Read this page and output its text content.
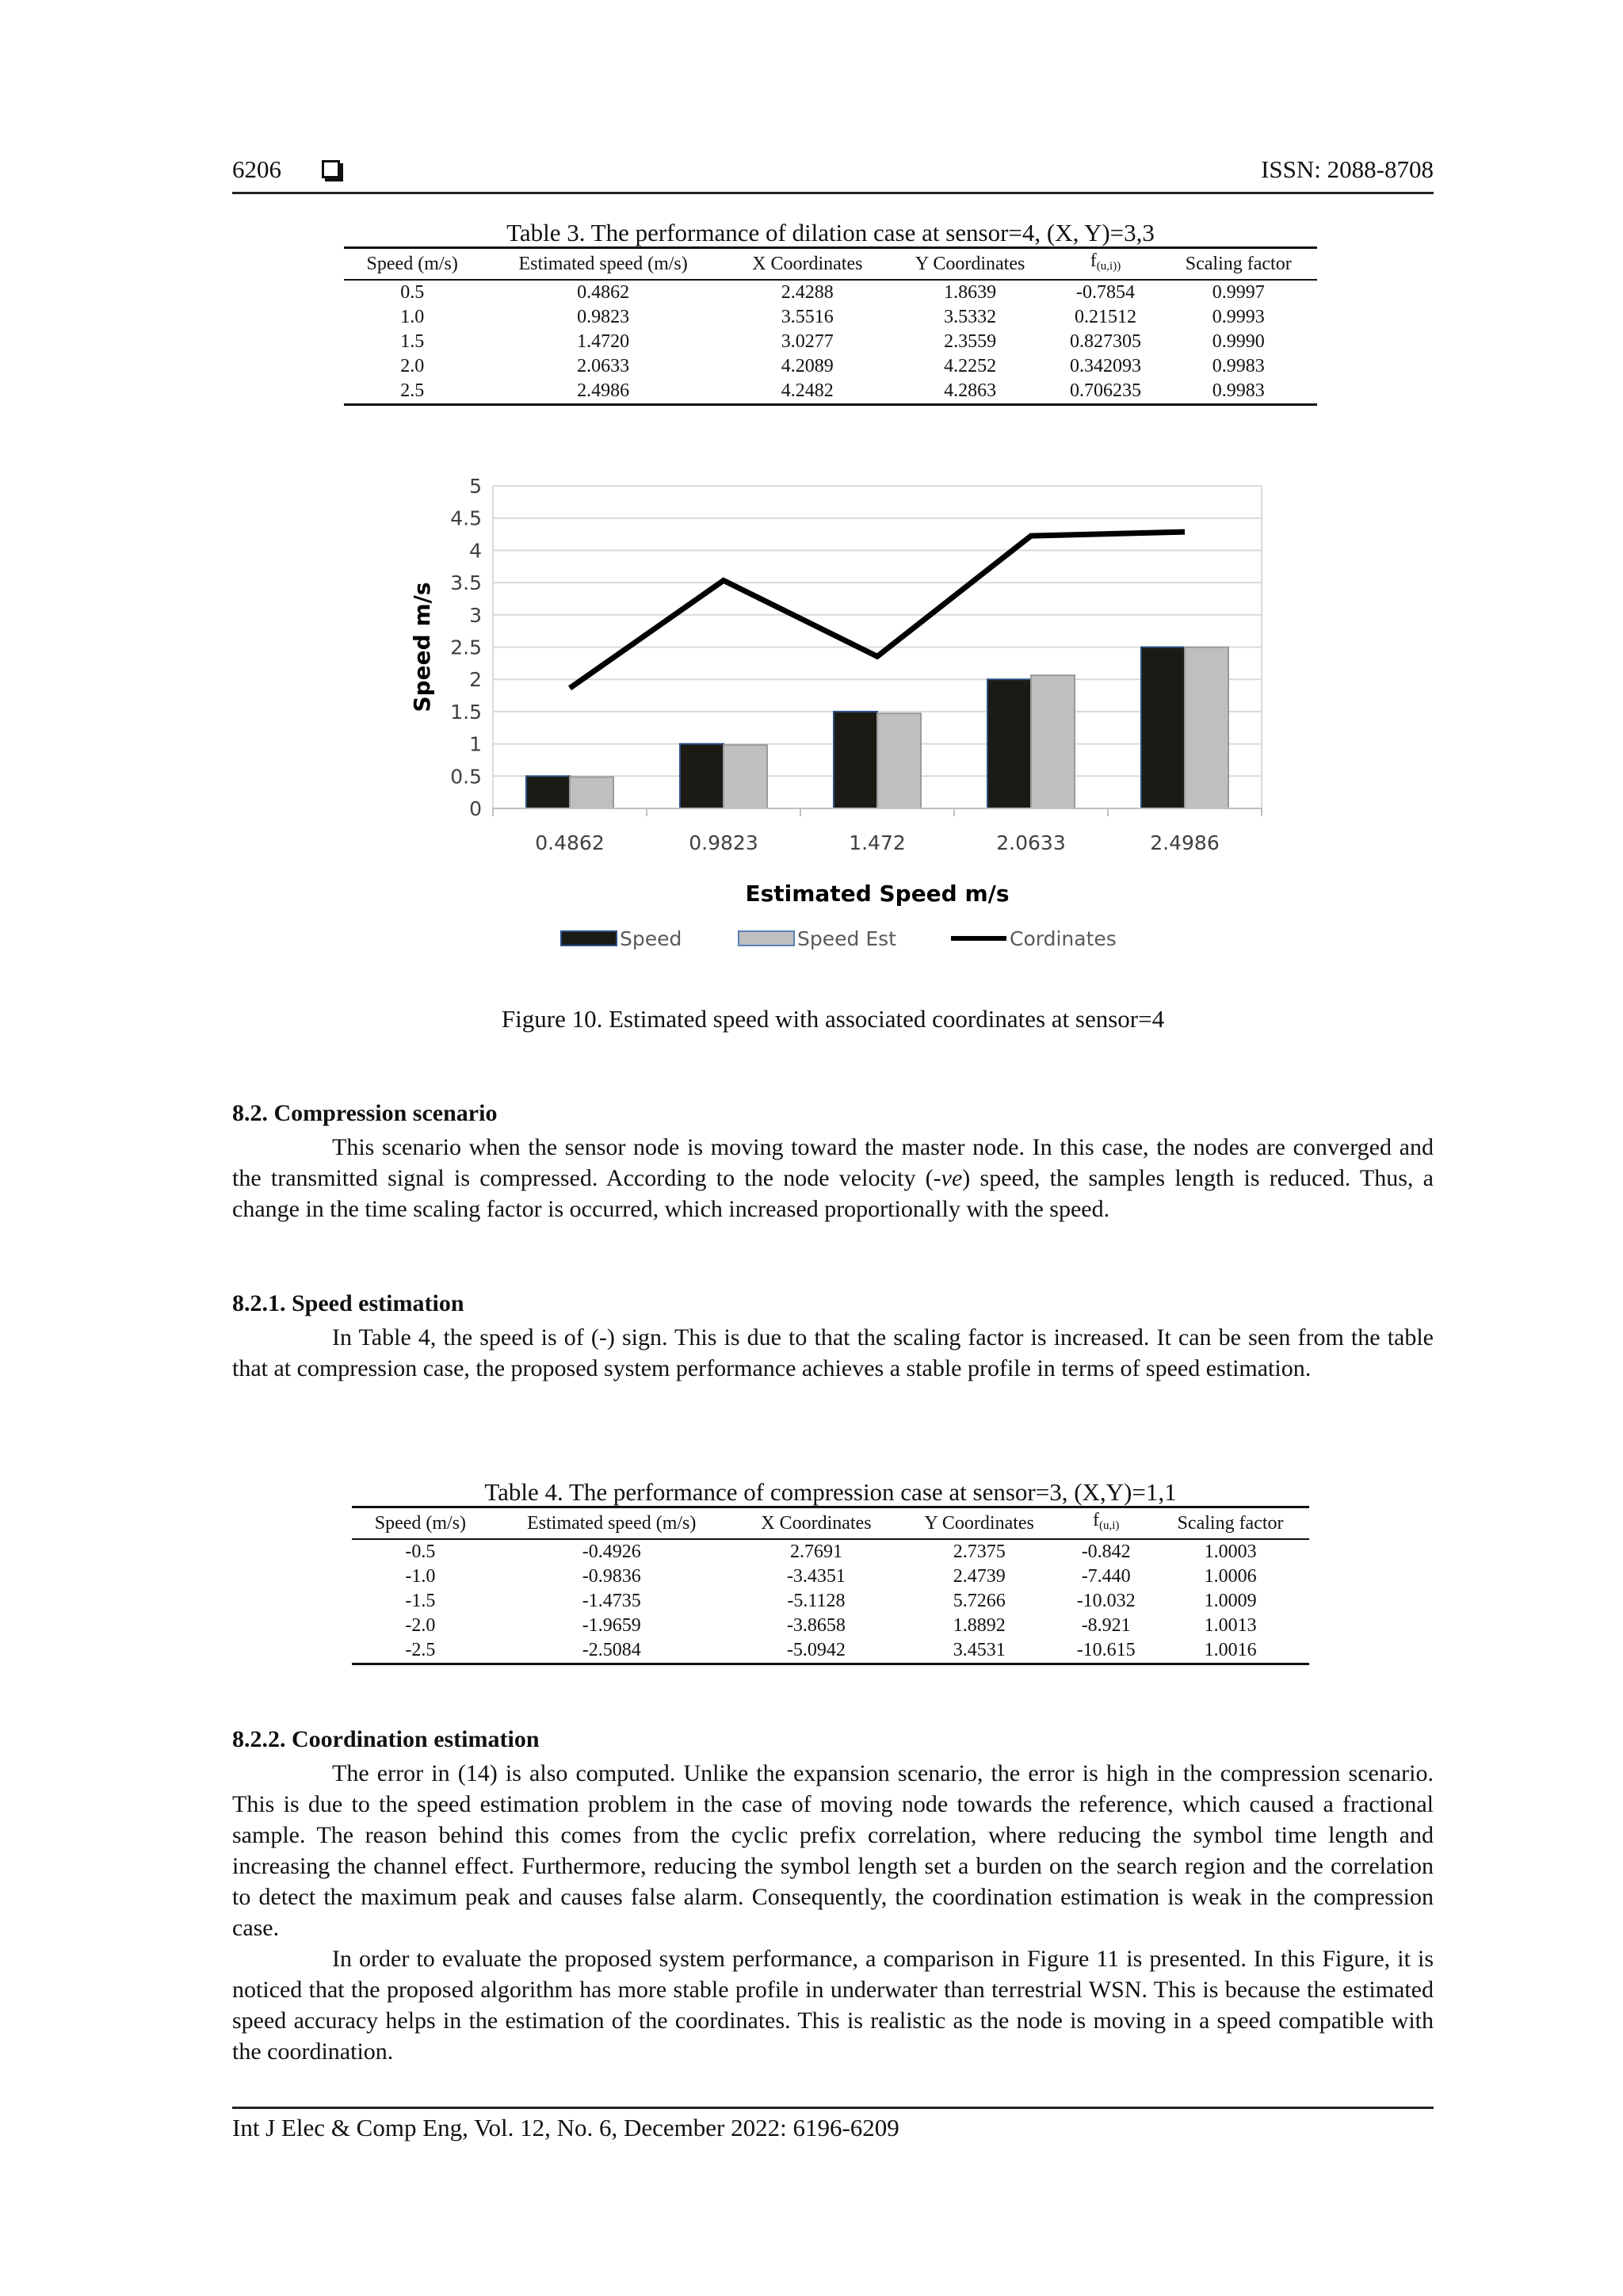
6206	ISSN: 2088-8708
Table 3. The performance of dilation case at sensor=4, (X, Y)=3,3
Speed (m/s)	Estimated speed (m/s)	X Coordinates	Y Coordinates	f(u,i))	Scaling factor
0.5	0.4862	2.4288	1.8639	-0.7854	0.9997
1.0	0.9823	3.5516	3.5332	0.21512	0.9993
1.5	1.4720	3.0277	2.3559	0.827305	0.9990
2.0	2.0633	4.2089	4.2252	0.342093	0.9983
2.5	2.4986	4.2482	4.2863	0.706235	0.9983
0
0.5
1
1.5
2
2.5
3
3.5
4
4.5
5
0.4862	0.9823	1.472	2.0633	2.4986
Estimated Speed m/s
Speed m/s
Speed	Speed Est	Cordinates
Figure 10. Estimated speed with associated coordinates at sensor=4
8.2. Compression scenario

This scenario when the sensor node is moving toward the master node. In this case, the nodes are converged and the transmitted signal is compressed. According to the node velocity (-ve) speed, the samples length is reduced. Thus, a change in the time scaling factor is occurred, which increased proportionally with the speed.

8.2.1. Speed estimation

In Table 4, the speed is of (-) sign. This is due to that the scaling factor is increased. It can be seen from the table that at compression case, the proposed system performance achieves a stable profile in terms of speed estimation.

Table 4. The performance of compression case at sensor=3, (X,Y)=1,1
Speed (m/s)	Estimated speed (m/s)	X Coordinates	Y Coordinates	f(u,i)	Scaling factor
-0.5	-0.4926	2.7691	2.7375	-0.842	1.0003
-1.0	-0.9836	-3.4351	2.4739	-7.440	1.0006
-1.5	-1.4735	-5.1128	5.7266	-10.032	1.0009
-2.0	-1.9659	-3.8658	1.8892	-8.921	1.0013
-2.5	-2.5084	-5.0942	3.4531	-10.615	1.0016
8.2.2. Coordination estimation

The error in (14) is also computed. Unlike the expansion scenario, the error is high in the compression scenario. This is due to the speed estimation problem in the case of moving node towards the reference, which caused a fractional sample. The reason behind this comes from the cyclic prefix correlation, where reducing the symbol time length and increasing the channel effect. Furthermore, reducing the symbol length set a burden on the search region and the correlation to detect the maximum peak and causes false alarm. Consequently, the coordination estimation is weak in the compression case.

In order to evaluate the proposed system performance, a comparison in Figure 11 is presented. In this Figure, it is noticed that the proposed algorithm has more stable profile in underwater than terrestrial WSN. This is because the estimated speed accuracy helps in the estimation of the coordinates. This is realistic as the node is moving in a speed compatible with the coordination.

Int J Elec & Comp Eng, Vol. 12, No. 6, December 2022: 6196-6209
